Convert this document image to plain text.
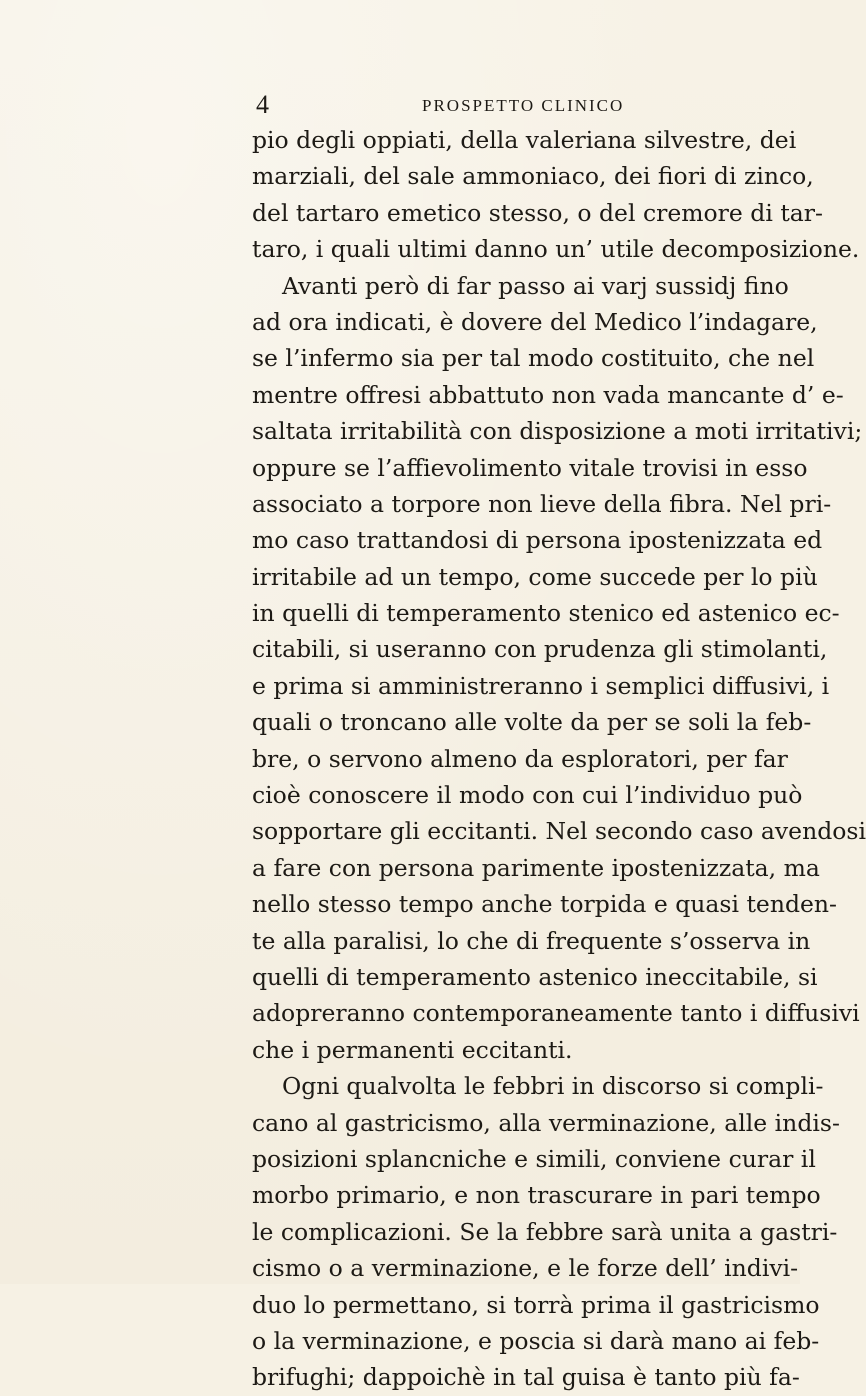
4	PROSPETTO CLINICO
pio degli oppiati, della valeriana silvestre, dei
marziali, del sale ammoniaco, dei fiori di zinco,
del tartaro emetico stesso, o del cremore di tar-
taro, i quali ultimi danno un’ utile decomposizione.
Avanti però di far passo ai varj sussidj fino
ad ora indicati, è dovere del Medico l’indagare,
se l’infermo sia per tal modo costituito, che nel
mentre offresi abbattuto non vada mancante d’ e-
saltata irritabilità con disposizione a moti irritativi;
oppure se l’affievolimento vitale trovisi in esso
associato a torpore non lieve della fibra. Nel pri-
mo caso trattandosi di persona ipostenizzata ed
irritabile ad un tempo, come succede per lo più
in quelli di temperamento stenico ed astenico ec-
citabili, si useranno con prudenza gli stimolanti,
e prima si amministreranno i semplici diffusivi, i
quali o troncano alle volte da per se soli la feb-
bre, o servono almeno da esploratori, per far
cioè conoscere il modo con cui l’individuo può
sopportare gli eccitanti. Nel secondo caso avendosi
a fare con persona parimente ipostenizzata, ma
nello stesso tempo anche torpida e quasi tenden-
te alla paralisi, lo che di frequente s’osserva in
quelli di temperamento astenico ineccitabile, si
adopreranno contemporaneamente tanto i diffusivi
che i permanenti eccitanti.
Ogni qualvolta le febbri in discorso si compli-
cano al gastricismo, alla verminazione, alle indis-
posizioni splancniche e simili, conviene curar il
morbo primario, e non trascurare in pari tempo
le complicazioni. Se la febbre sarà unita a gastri-
cismo o a verminazione, e le forze dell’ indivi-
duo lo permettano, si torrà prima il gastricismo
o la verminazione, e poscia si darà mano ai feb-
brifughi; dappoichè in tal guisa è tanto più fa-
